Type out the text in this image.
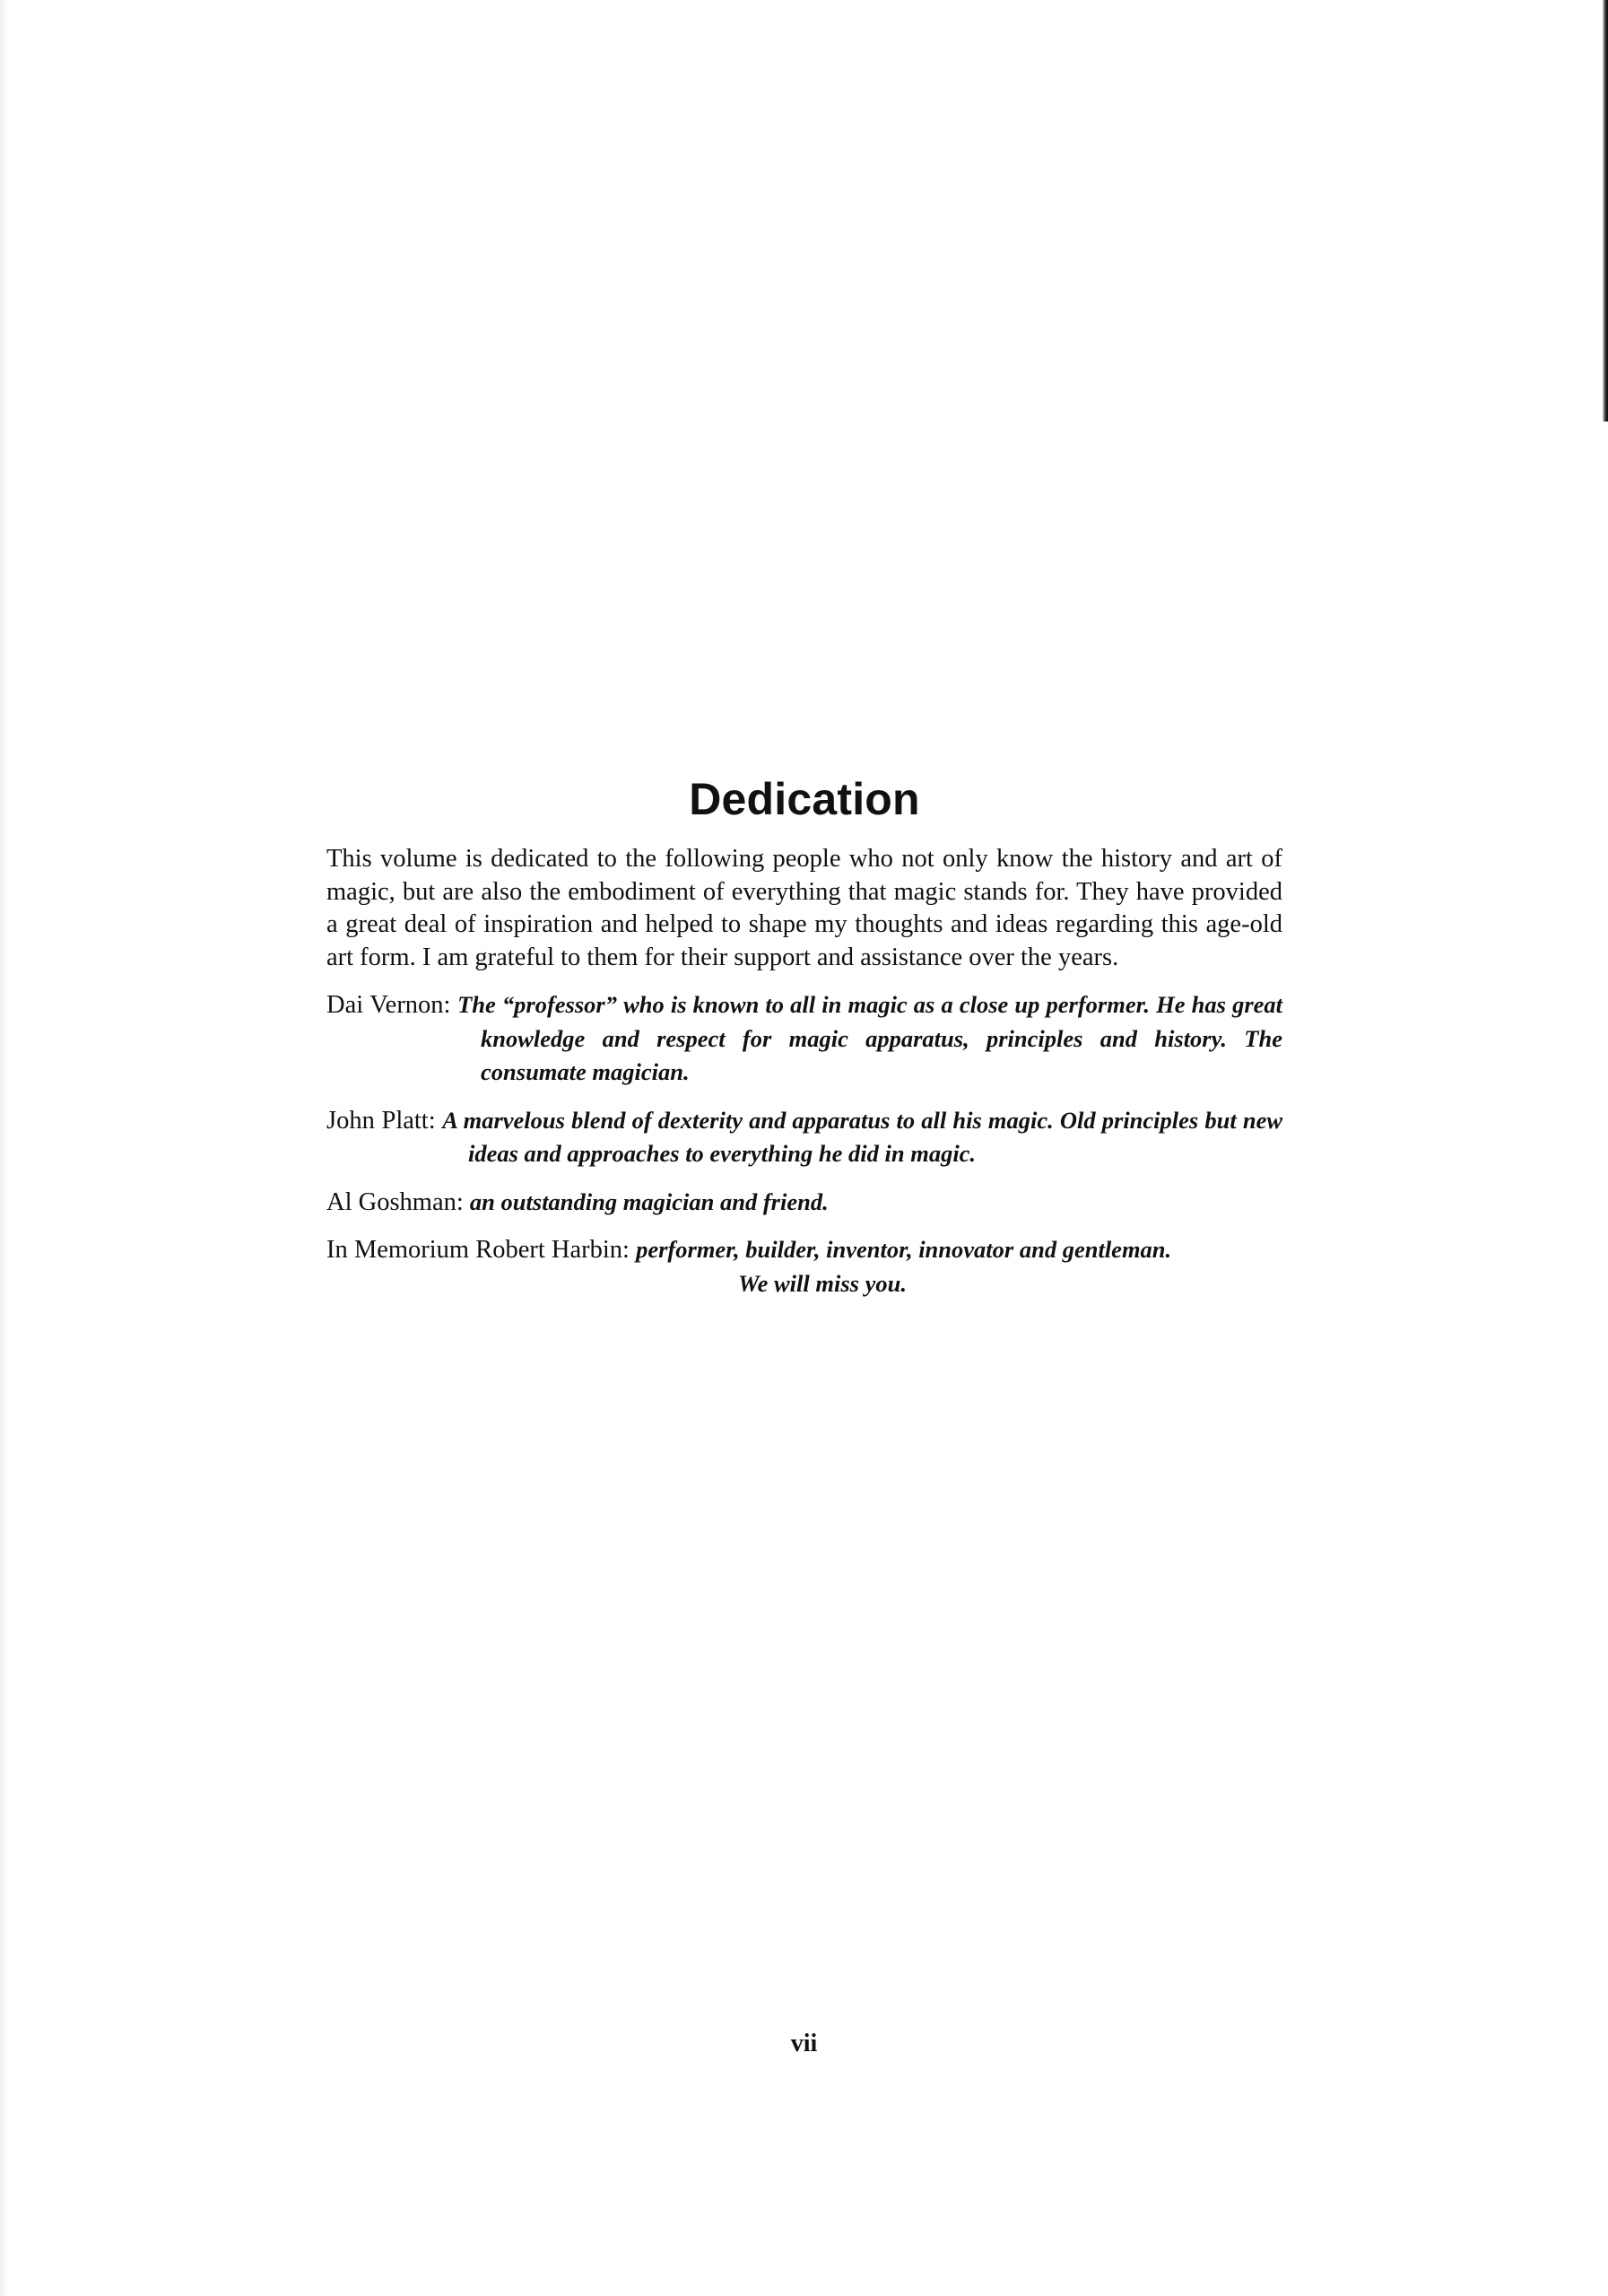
Dedication

This volume is dedicated to the following people who not only know the history and art of magic, but are also the embodiment of everything that magic stands for. They have provided a great deal of inspiration and helped to shape my thoughts and ideas regarding this age-old art form. I am grateful to them for their support and assistance over the years.

Dai Vernon: The “professor” who is known to all in magic as a close up performer. He has great knowledge and respect for magic apparatus, principles and history. The consumate magician.

John Platt: A marvelous blend of dexterity and apparatus to all his magic. Old principles but new ideas and approaches to everything he did in magic.

Al Goshman: an outstanding magician and friend.

In Memorium Robert Harbin: performer, builder, inventor, innovator and gentleman.
We will miss you.

vii
